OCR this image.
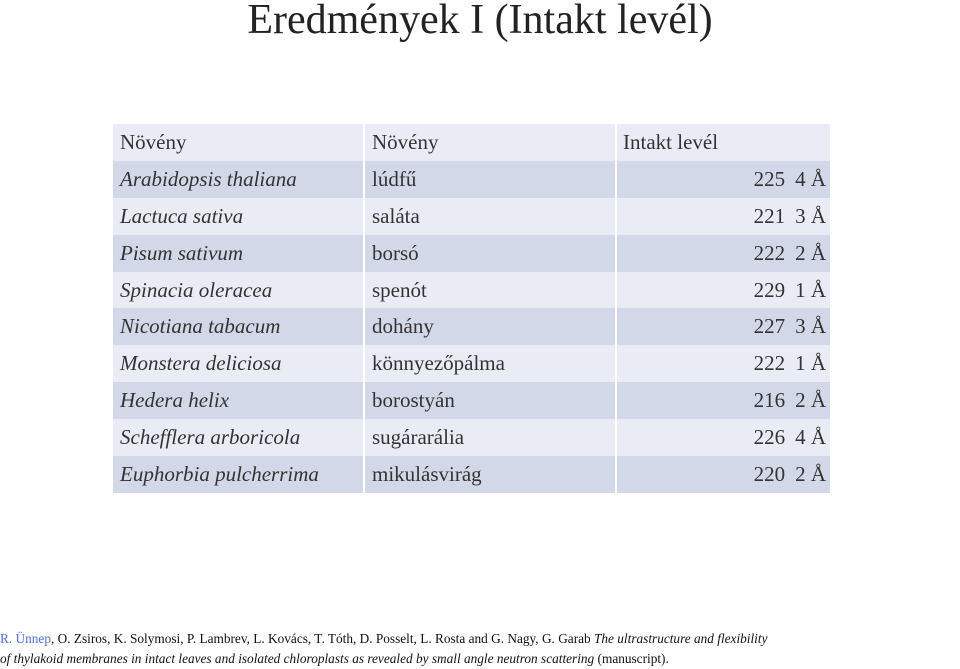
Eredmények I (Intakt levél)
Növény	Növény	Intakt levél
Arabidopsis thaliana	lúdfű	225 4 Å
Lactuca sativa	saláta	221 3 Å
Pisum sativum	borsó	222 2 Å
Spinacia oleracea	spenót	229 1 Å
Nicotiana tabacum	dohány	227 3 Å
Monstera deliciosa	könnyezőpálma	222 1 Å
Hedera helix	borostyán	216 2 Å
Schefflera arboricola	sugárarália	226 4 Å
Euphorbia pulcherrima	mikulásvirág	220 2 Å
R. Ünnep, O. Zsiros, K. Solymosi, P. Lambrev, L. Kovács, T. Tóth, D. Posselt, L. Rosta and G. Nagy, G. Garab The ultrastructure and flexibility
of thylakoid membranes in intact leaves and isolated chloroplasts as revealed by small angle neutron scattering (manuscript).
